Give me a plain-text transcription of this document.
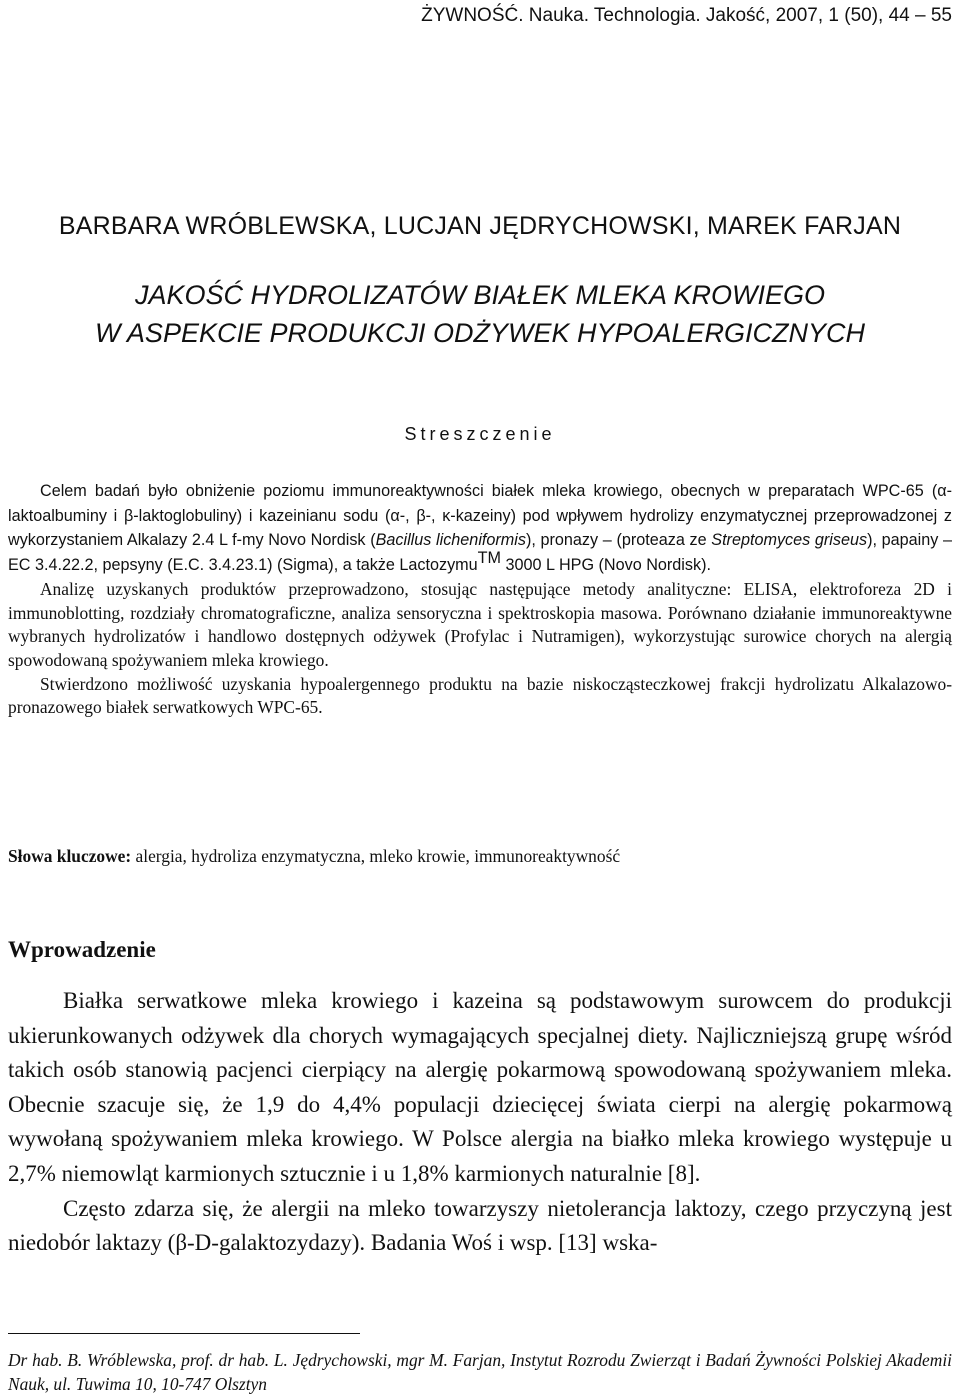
ŻYWNOŚĆ. Nauka. Technologia. Jakość, 2007, 1 (50), 44 – 55
BARBARA WRÓBLEWSKA, LUCJAN JĘDRYCHOWSKI, MAREK FARJAN
JAKOŚĆ HYDROLIZATÓW BIAŁEK MLEKA KROWIEGO
W ASPEKCIE PRODUKCJI ODŻYWEK HYPOALERGICZNYCH
Streszczenie

Celem badań było obniżenie poziomu immunoreaktywności białek mleka krowiego, obecnych w preparatach WPC-65 (α-laktoalbuminy i β-laktoglobuliny) i kazeinianu sodu (α-, β-, κ-kazeiny) pod wpływem hydrolizy enzymatycznej przeprowadzonej z wykorzystaniem Alkalazy 2.4 L f-my Novo Nordisk (Bacillus licheniformis), pronazy – (proteaza ze Streptomyces griseus), papainy – EC 3.4.22.2, pepsyny (E.C. 3.4.23.1) (Sigma), a także Lactozymu™ 3000 L HPG (Novo Nordisk).

Analizę uzyskanych produktów przeprowadzono, stosując następujące metody analityczne: ELISA, elektroforeza 2D i immunoblotting, rozdziały chromatograficzne, analiza sensoryczna i spektroskopia masowa. Porównano działanie immunoreaktywne wybranych hydrolizatów i handlowo dostępnych odżywek (Profylac i Nutramigen), wykorzystując surowice chorych na alergią spowodowaną spożywaniem mleka krowiego.

Stwierdzono możliwość uzyskania hypoalergennego produktu na bazie niskocząsteczkowej frakcji hydrolizatu Alkalazowo-pronazowego białek serwatkowych WPC-65.

Słowa kluczowe: alergia, hydroliza enzymatyczna, mleko krowie, immunoreaktywność
Wprowadzenie

Białka serwatkowe mleka krowiego i kazeina są podstawowym surowcem do produkcji ukierunkowanych odżywek dla chorych wymagających specjalnej diety. Najliczniejszą grupę wśród takich osób stanowią pacjenci cierpiący na alergię pokarmową spowodowaną spożywaniem mleka. Obecnie szacuje się, że 1,9 do 4,4% populacji dziecięcej świata cierpi na alergię pokarmową wywołaną spożywaniem mleka krowiego. W Polsce alergia na białko mleka krowiego występuje u 2,7% niemowląt karmionych sztucznie i u 1,8% karmionych naturalnie [8].

Często zdarza się, że alergii na mleko towarzyszy nietolerancja laktozy, czego przyczyną jest niedobór laktazy (β-D-galaktozydazy). Badania Woś i wsp. [13] wska-

Dr hab. B. Wróblewska, prof. dr hab. L. Jędrychowski, mgr M. Farjan, Instytut Rozrodu Zwierząt i Badań Żywności Polskiej Akademii Nauk, ul. Tuwima 10, 10-747 Olsztyn
